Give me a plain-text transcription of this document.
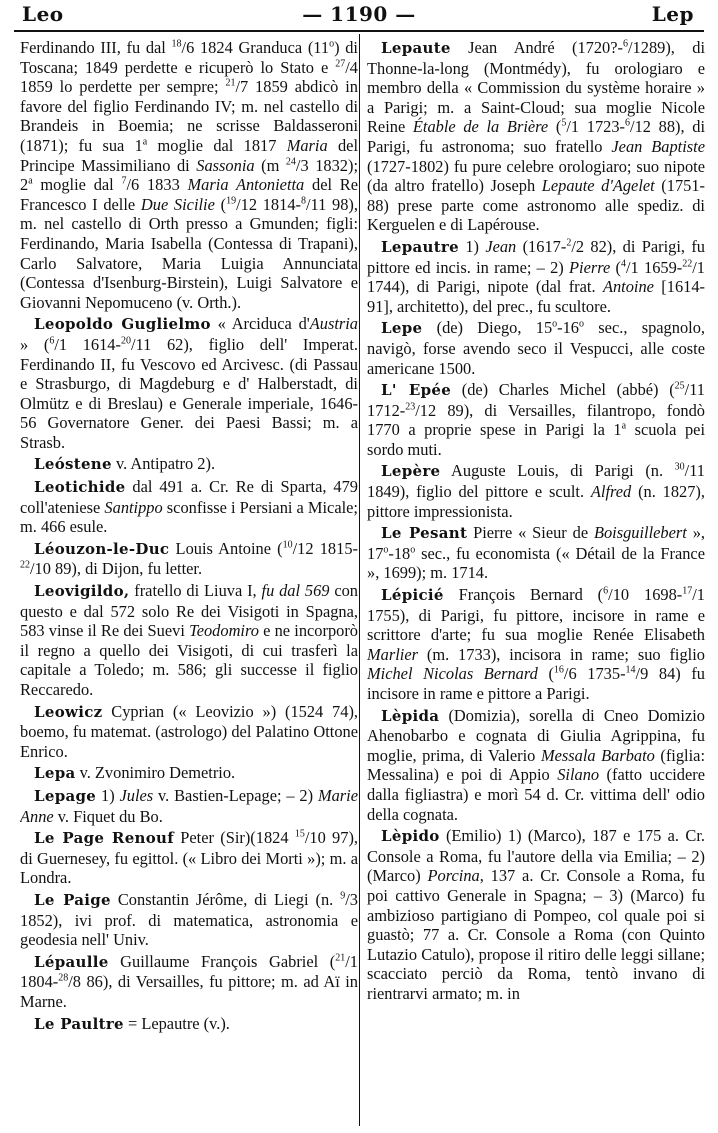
Leo	— 1190 —	Lep

Ferdinando III, fu dal $^{18}$/6 1824 Granduca (11$^o$) di Toscana; 1849 perdette e ricuperò lo Stato e $^{27}$/4 1859 lo perdette per sempre; $^{21}$/7 1859 abdicò in favore del figlio Ferdinando IV; m. nel castello di Brandeis in Boemia; ne scrisse Baldasseroni (1871); fu sua 1$^a$ moglie dal 1817 Maria del Principe Massimiliano di Sassonia (m $^{24}$/3 1832); 2$^a$ moglie dal $^7$/6 1833 Maria Antonietta del Re Francesco I delle Due Sicilie ($^{19}$/12 1814-$^8$/11 98), m. nel castello di Orth presso a Gmunden; figli: Ferdinando, Maria Isabella (Contessa di Trapani), Carlo Salvatore, Maria Luigia Annunciata (Contessa d'Isenburg-Birstein), Luigi Salvatore e Giovanni Nepomuceno (v. Orth.).

Leopoldo Guglielmo « Arciduca d'Austria » ($^6$/1 1614-$^{20}$/11 62), figlio dell' Imperat. Ferdinando II, fu Vescovo ed Arcivesc. (di Passau e Strasburgo, di Magdeburg e d' Halberstadt, di Olmütz e di Breslau) e Generale imperiale, 1646-56 Governatore Gener. dei Paesi Bassi; m. a Strasb.

Leóstene v. Antipatro 2).

Leotichide dal 491 a. Cr. Re di Sparta, 479 coll'ateniese Santippo sconfisse i Persiani a Micale; m. 466 esule.

Léouzon-le-Duc Louis Antoine ($^{10}$/12 1815-$^{22}$/10 89), di Dijon, fu letter.

Leovigildo, fratello di Liuva I, fu dal 569 con questo e dal 572 solo Re dei Visigoti in Spagna, 583 vinse il Re dei Suevi Teodomiro e ne incorporò il regno a quello dei Visigoti, di cui trasferì la capitale a Toledo; m. 586; gli successe il figlio Reccaredo.

Leowicz Cyprian (« Leovizio ») (1524 74), boemo, fu matemat. (astrologo) del Palatino Ottone Enrico.

Lepa v. Zvonimiro Demetrio.

Lepage 1) Jules v. Bastien-Lepage; – 2) Marie Anne v. Fiquet du Bo.

Le Page Renouf Peter (Sir)(1824 $^{15}$/10 97), di Guernesey, fu egittol. (« Libro dei Morti »); m. a Londra.

Le Paige Constantin Jérôme, di Liegi (n. $^9$/3 1852), ivi prof. di matematica, astronomia e geodesia nell' Univ.

Lépaulle Guillaume François Gabriel ($^{21}$/1 1804-$^{28}$/8 86), di Versailles, fu pittore; m. ad Aï in Marne.

Le Paultre = Lepautre (v.).

Lepaute Jean André (1720?-$^6$/1289), di Thonne-la-long (Montmédy), fu orologiaro e membro della « Commission du système horaire » a Parigi; m. a Saint-Cloud; sua moglie Nicole Reine Étable de la Brière ($^5$/1 1723-$^6$/12 88), di Parigi, fu astronoma; suo fratello Jean Baptiste (1727-1802) fu pure celebre orologiaro; suo nipote (da altro fratello) Joseph Lepaute d'Agelet (1751-88) prese parte come astronomo alle spediz. di Kerguelen e di Lapérouse.

Lepautre 1) Jean (1617-$^2$/2 82), di Parigi, fu pittore ed incis. in rame; – 2) Pierre ($^4$/1 1659-$^{22}$/1 1744), di Parigi, nipote (dal frat. Antoine [1614-91], architetto), del prec., fu scultore.

Lepe (de) Diego, 15$^o$-16$^o$ sec., spagnolo, navigò, forse avendo seco il Vespucci, alle coste americane 1500.

L' Epée (de) Charles Michel (abbé) ($^{25}$/11 1712-$^{23}$/12 89), di Versailles, filantropo, fondò 1770 a proprie spese in Parigi la 1$^a$ scuola pei sordo muti.

Lepère Auguste Louis, di Parigi (n. $^{30}$/11 1849), figlio del pittore e scult. Alfred (n. 1827), pittore impressionista.

Le Pesant Pierre « Sieur de Boisguillebert », 17$^o$-18$^o$ sec., fu economista (« Détail de la France », 1699); m. 1714.

Lépicié François Bernard ($^6$/10 1698-$^{17}$/1 1755), di Parigi, fu pittore, incisore in rame e scrittore d'arte; fu sua moglie Renée Elisabeth Marlier (m. 1733), incisora in rame; suo figlio Michel Nicolas Bernard ($^{16}$/6 1735-$^{14}$/9 84) fu incisore in rame e pittore a Parigi.

Lèpida (Domizia), sorella di Cneo Domizio Ahenobarbo e cognata di Giulia Agrippina, fu moglie, prima, di Valerio Messala Barbato (figlia: Messalina) e poi di Appio Silano (fatto uccidere dalla figliastra) e morì 54 d. Cr. vittima dell' odio della cognata.

Lèpido (Emilio) 1) (Marco), 187 e 175 a. Cr. Console a Roma, fu l'autore della via Emilia; – 2) (Marco) Porcina, 137 a. Cr. Console a Roma, fu poi cattivo Generale in Spagna; – 3) (Marco) fu ambizioso partigiano di Pompeo, col quale poi si guastò; 77 a. Cr. Console a Roma (con Quinto Lutazio Catulo), propose il ritiro delle leggi sillane; scacciato perciò da Roma, tentò invano di rientrarvi armato; m. in
